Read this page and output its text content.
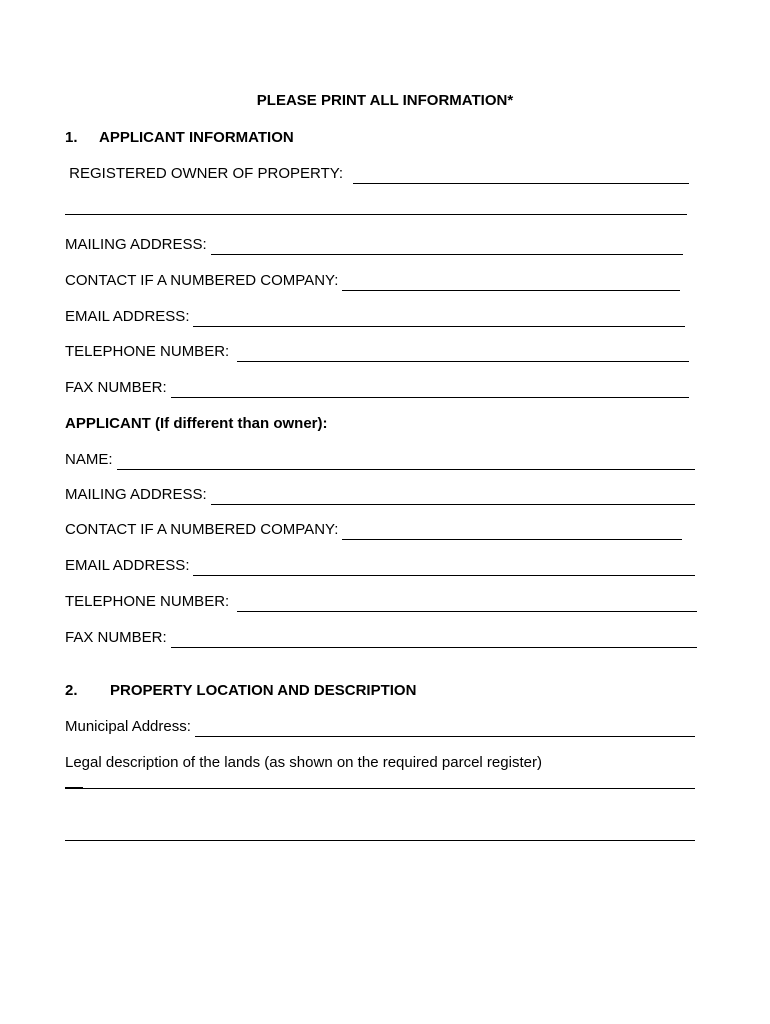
PLEASE PRINT ALL INFORMATION*
1.	APPLICANT INFORMATION
REGISTERED OWNER OF PROPERTY:
MAILING ADDRESS:
CONTACT IF A NUMBERED COMPANY:
EMAIL ADDRESS:
TELEPHONE NUMBER:
FAX NUMBER:
APPLICANT (If different than owner):
NAME:
MAILING ADDRESS:
CONTACT IF A NUMBERED COMPANY:
EMAIL ADDRESS:
TELEPHONE NUMBER:
FAX NUMBER:
2.	PROPERTY LOCATION AND DESCRIPTION
Municipal Address:
Legal description of the lands (as shown on the required parcel register)
